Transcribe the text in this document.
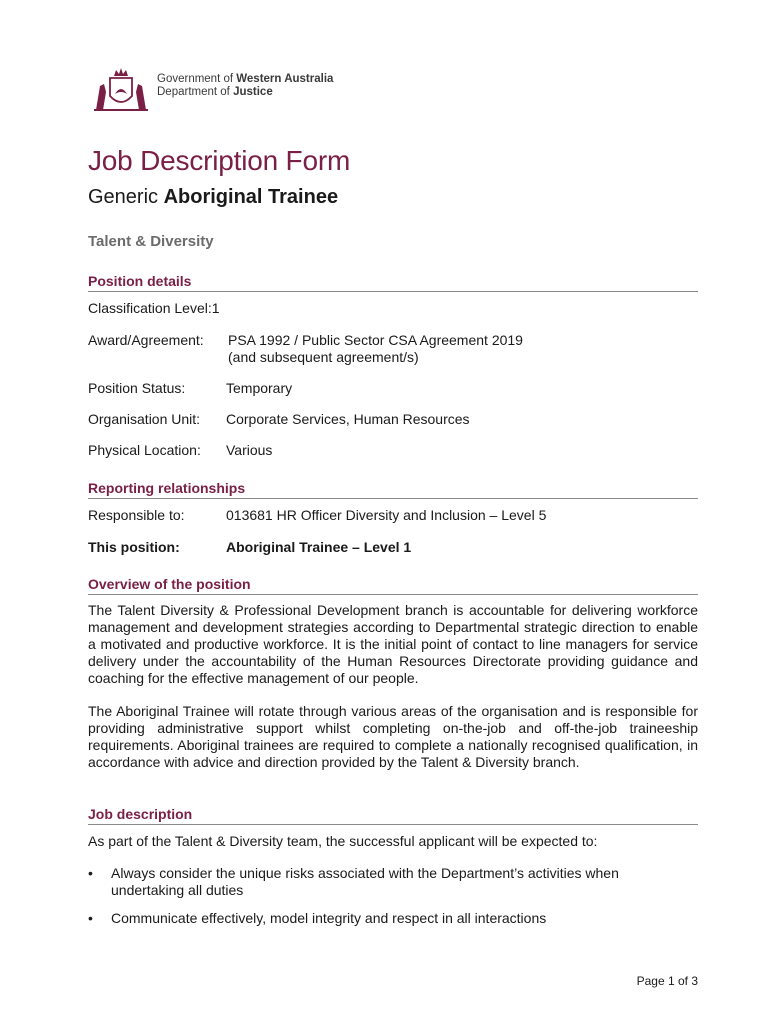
Government of Western Australia
Department of Justice
Job Description Form
Generic Aboriginal Trainee
Talent & Diversity
Position details
Classification Level:1
Award/Agreement: PSA 1992 / Public Sector CSA Agreement 2019
(and subsequent agreement/s)
Position Status:	Temporary
Organisation Unit: Corporate Services, Human Resources
Physical Location: Various
Reporting relationships
Responsible to:	013681 HR Officer Diversity and Inclusion – Level 5
This position:	Aboriginal Trainee – Level 1
Overview of the position
The Talent Diversity & Professional Development branch is accountable for delivering workforce management and development strategies according to Departmental strategic direction to enable a motivated and productive workforce. It is the initial point of contact to line managers for service delivery under the accountability of the Human Resources Directorate providing guidance and coaching for the effective management of our people.
The Aboriginal Trainee will rotate through various areas of the organisation and is responsible for providing administrative support whilst completing on-the-job and off-the-job traineeship requirements. Aboriginal trainees are required to complete a nationally recognised qualification, in accordance with advice and direction provided by the Talent & Diversity branch.
Job description
As part of the Talent & Diversity team, the successful applicant will be expected to:
•	Always consider the unique risks associated with the Department’s activities when undertaking all duties
•	Communicate effectively, model integrity and respect in all interactions
Page 1 of 3
